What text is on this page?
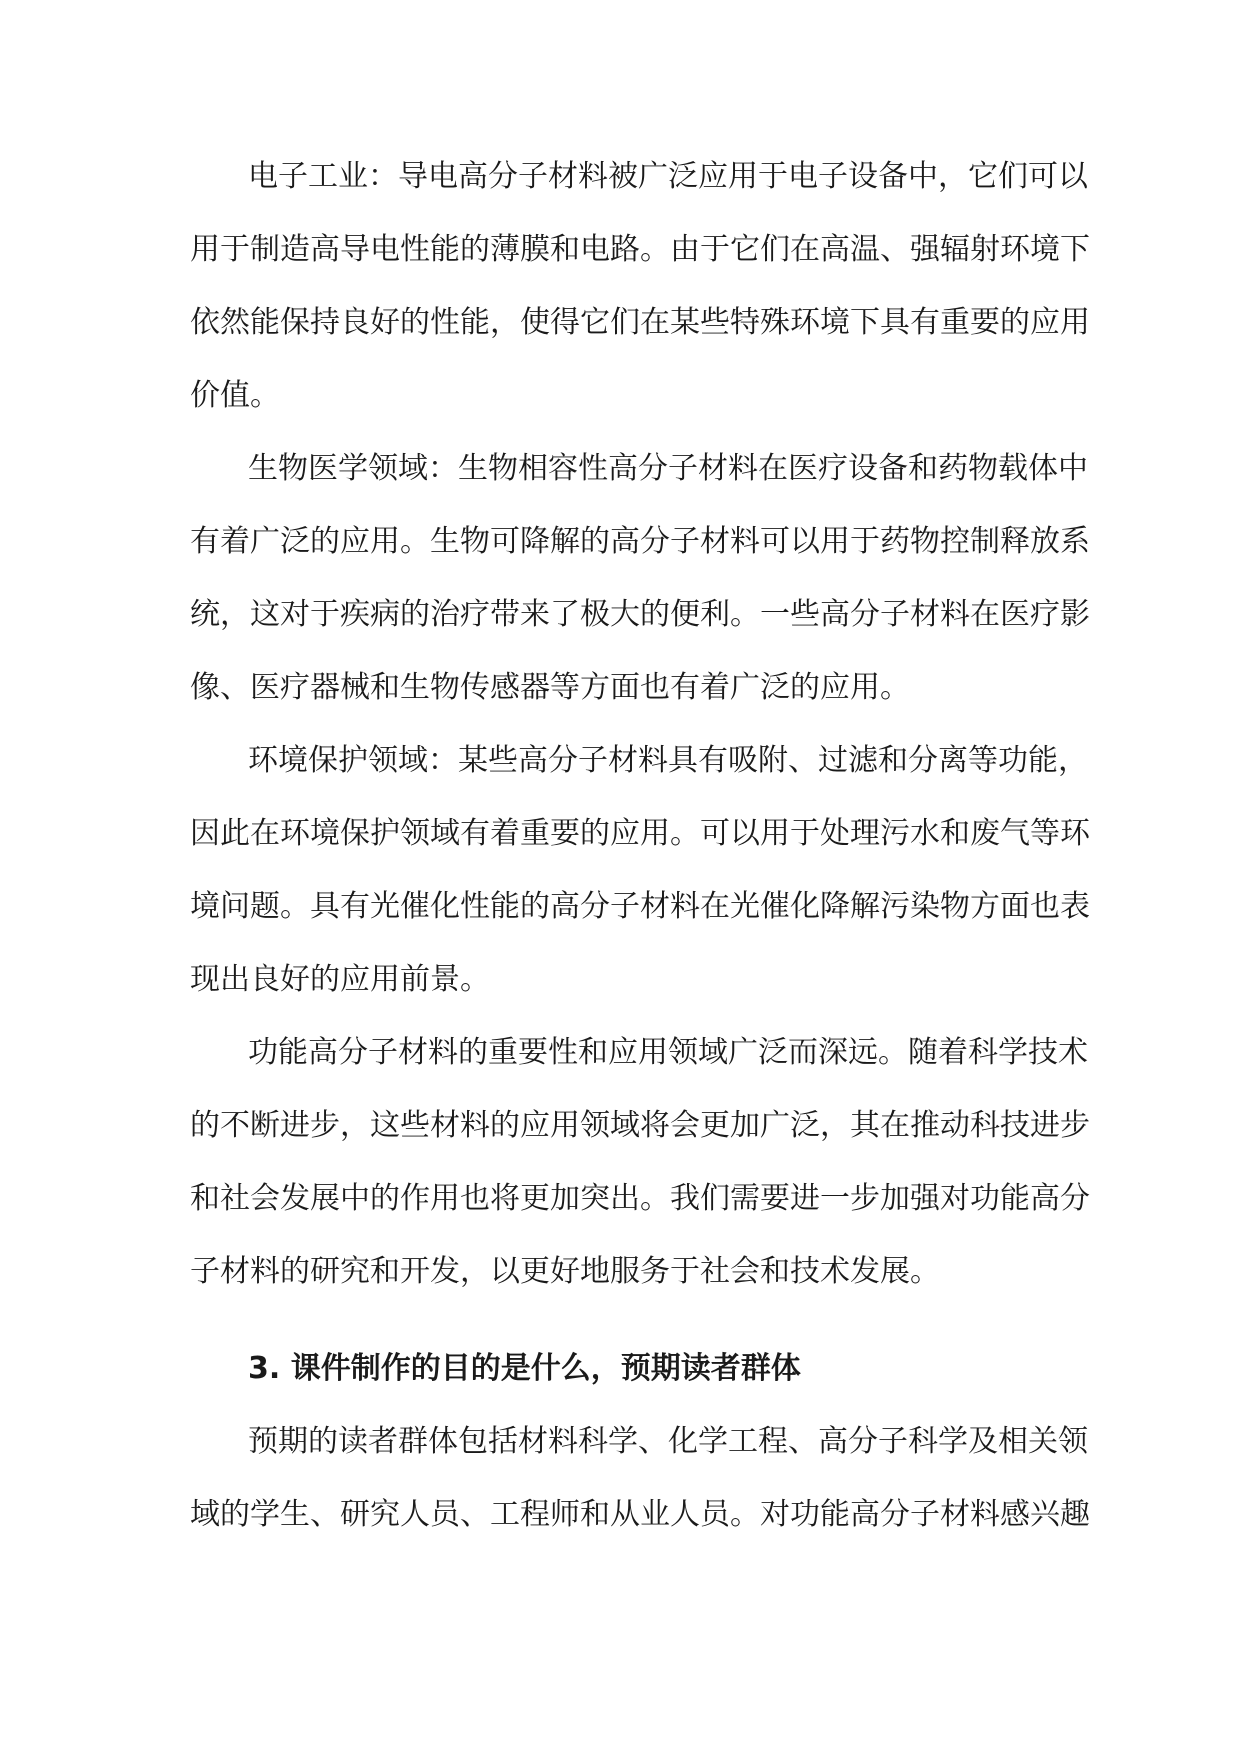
电子工业：导电高分子材料被广泛应用于电子设备中，它们可以
用于制造高导电性能的薄膜和电路。由于它们在高温、强辐射环境下
依然能保持良好的性能，使得它们在某些特殊环境下具有重要的应用
价值。
生物医学领域：生物相容性高分子材料在医疗设备和药物载体中
有着广泛的应用。生物可降解的高分子材料可以用于药物控制释放系
统，这对于疾病的治疗带来了极大的便利。一些高分子材料在医疗影
像、医疗器械和生物传感器等方面也有着广泛的应用。
环境保护领域：某些高分子材料具有吸附、过滤和分离等功能，
因此在环境保护领域有着重要的应用。可以用于处理污水和废气等环
境问题。具有光催化性能的高分子材料在光催化降解污染物方面也表
现出良好的应用前景。
功能高分子材料的重要性和应用领域广泛而深远。随着科学技术
的不断进步，这些材料的应用领域将会更加广泛，其在推动科技进步
和社会发展中的作用也将更加突出。我们需要进一步加强对功能高分
子材料的研究和开发，以更好地服务于社会和技术发展。
3. 课件制作的目的是什么，预期读者群体
预期的读者群体包括材料科学、化学工程、高分子科学及相关领
域的学生、研究人员、工程师和从业人员。对功能高分子材料感兴趣
